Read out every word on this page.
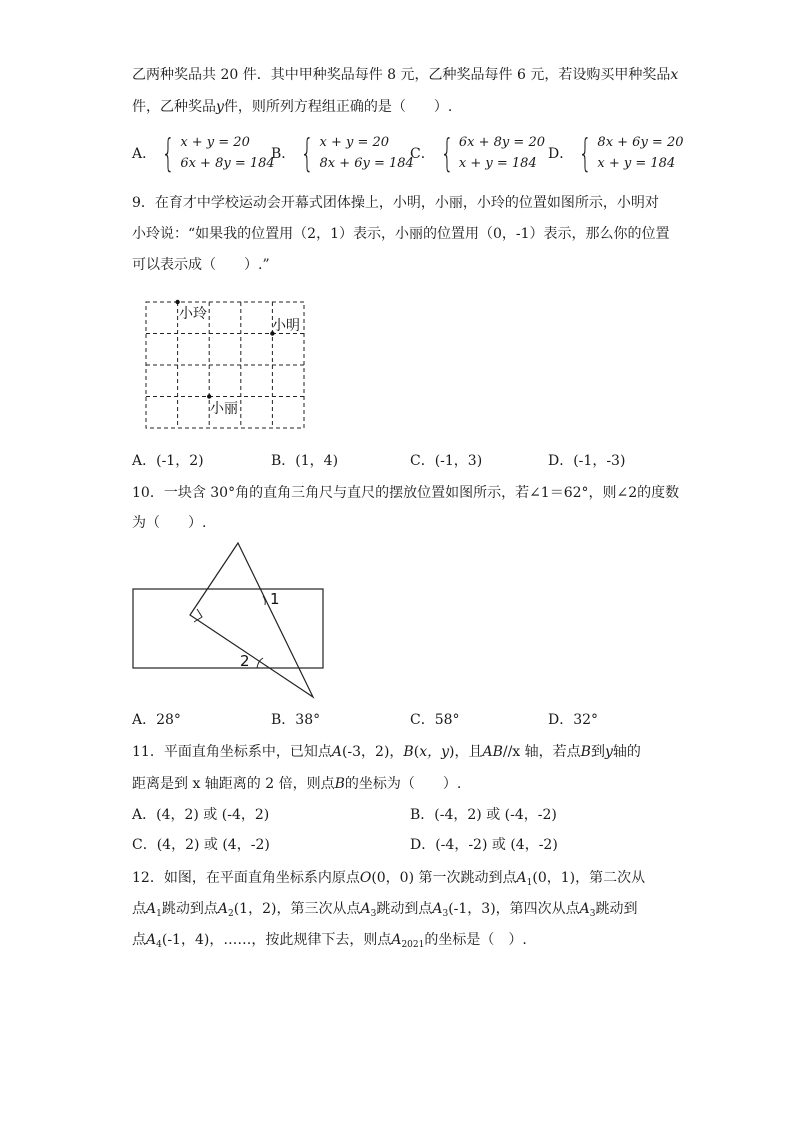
乙两种奖品共 20 件．其中甲种奖品每件 8 元，乙种奖品每件 6 元，若设购买甲种奖品x
件，乙种奖品y件，则所列方程组正确的是（　　）.
A． { x + y = 20
6x + 8y = 184
B． { x + y = 20
8x + 6y = 184
C． { 6x + 8y = 20
x + y = 184
D． { 8x + 6y = 20
x + y = 184
9．在育才中学校运动会开幕式团体操上，小明，小丽，小玲的位置如图所示，小明对
小玲说：“如果我的位置用（2，1）表示，小丽的位置用（0，-1）表示，那么你的位置
可以表示成（　　）.”
小玲
小明
小丽
A．(-1，2)	B．(1，4)	C．(-1，3)	D．(-1，-3)
10．一块含 30°角的直角三角尺与直尺的摆放位置如图所示，若∠1＝62°，则∠2的度数
为（　　）.
1
2
A．28°	B．38°	C．58°	D．32°
11．平面直角坐标系中，已知点A(-3，2)，B(x，y)，且AB//x 轴，若点B到y轴的
距离是到 x 轴距离的 2 倍，则点B的坐标为（　　）.
A．(4，2) 或 (-4，2)	B．(-4，2) 或 (-4，-2)
C．(4，2) 或 (4，-2)	D．(-4，-2) 或 (4，-2)
12．如图，在平面直角坐标系内原点O(0，0) 第一次跳动到点$A_1(0$，1)，第二次从
点$A_1$跳动到点$A_2(1$，2)，第三次从点$A_3$跳动到点$A_3(-1$，3)，第四次从点$A_3$跳动到
点$A_4(-1$，4)，……，按此规律下去，则点$A_{2021}$的坐标是（　）.
